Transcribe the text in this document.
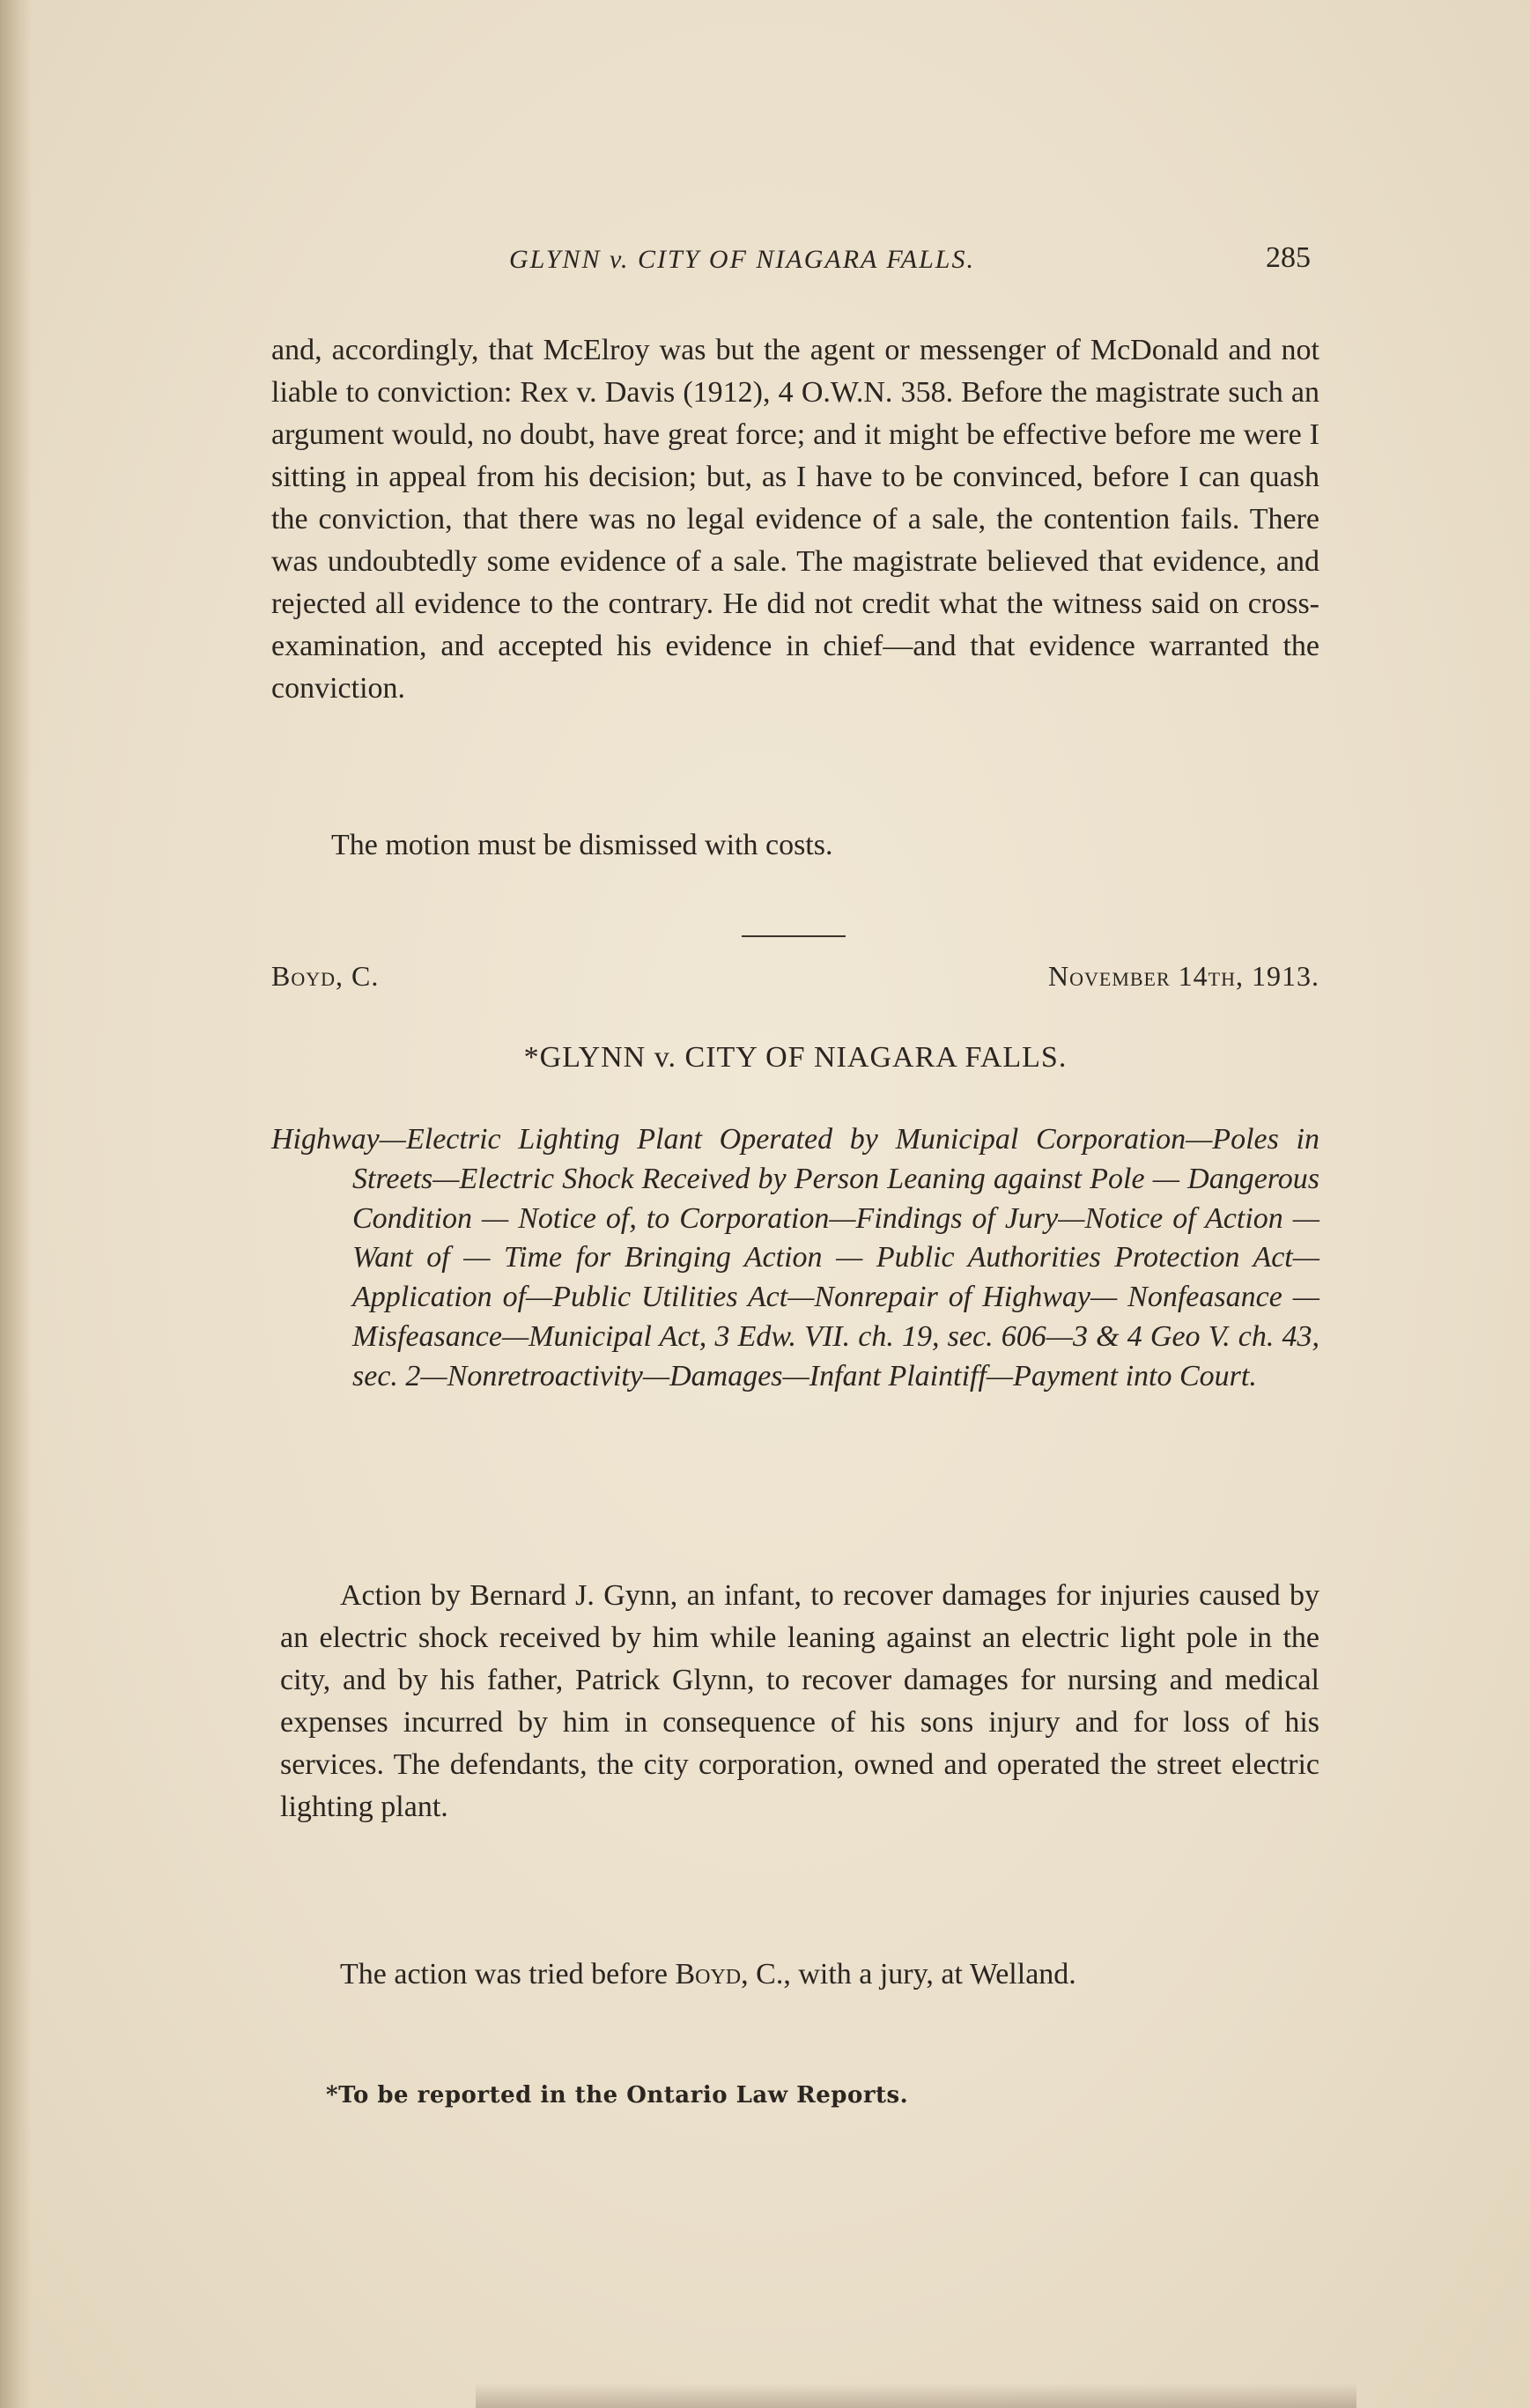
GLYNN v. CITY OF NIAGARA FALLS.	285
and, accordingly, that McElroy was but the agent or messenger of McDonald and not liable to conviction: Rex v. Davis (1912), 4 O.W.N. 358. Before the magistrate such an argument would, no doubt, have great force; and it might be effective before me were I sitting in appeal from his decision; but, as I have to be convinced, before I can quash the conviction, that there was no legal evidence of a sale, the contention fails. There was undoubtedly some evidence of a sale. The magistrate believed that evidence, and rejected all evidence to the contrary. He did not credit what the witness said on cross-examination, and accepted his evidence in chief—and that evidence warranted the conviction.
The motion must be dismissed with costs.
Boyd, C.	November 14th, 1913.
*GLYNN v. CITY OF NIAGARA FALLS.
Highway—Electric Lighting Plant Operated by Municipal Corporation—Poles in Streets—Electric Shock Received by Person Leaning against Pole — Dangerous Condition — Notice of, to Corporation—Findings of Jury—Notice of Action — Want of — Time for Bringing Action — Public Authorities Protection Act—Application of—Public Utilities Act—Nonrepair of Highway— Nonfeasance — Misfeasance—Municipal Act, 3 Edw. VII. ch. 19, sec. 606—3 & 4 Geo V. ch. 43, sec. 2—Nonretroactivity—Damages—Infant Plaintiff—Payment into Court.
Action by Bernard J. Gynn, an infant, to recover damages for injuries caused by an electric shock received by him while leaning against an electric light pole in the city, and by his father, Patrick Glynn, to recover damages for nursing and medical expenses incurred by him in consequence of his sons injury and for loss of his services. The defendants, the city corporation, owned and operated the street electric lighting plant.
The action was tried before Boyd, C., with a jury, at Welland.
*To be reported in the Ontario Law Reports.
